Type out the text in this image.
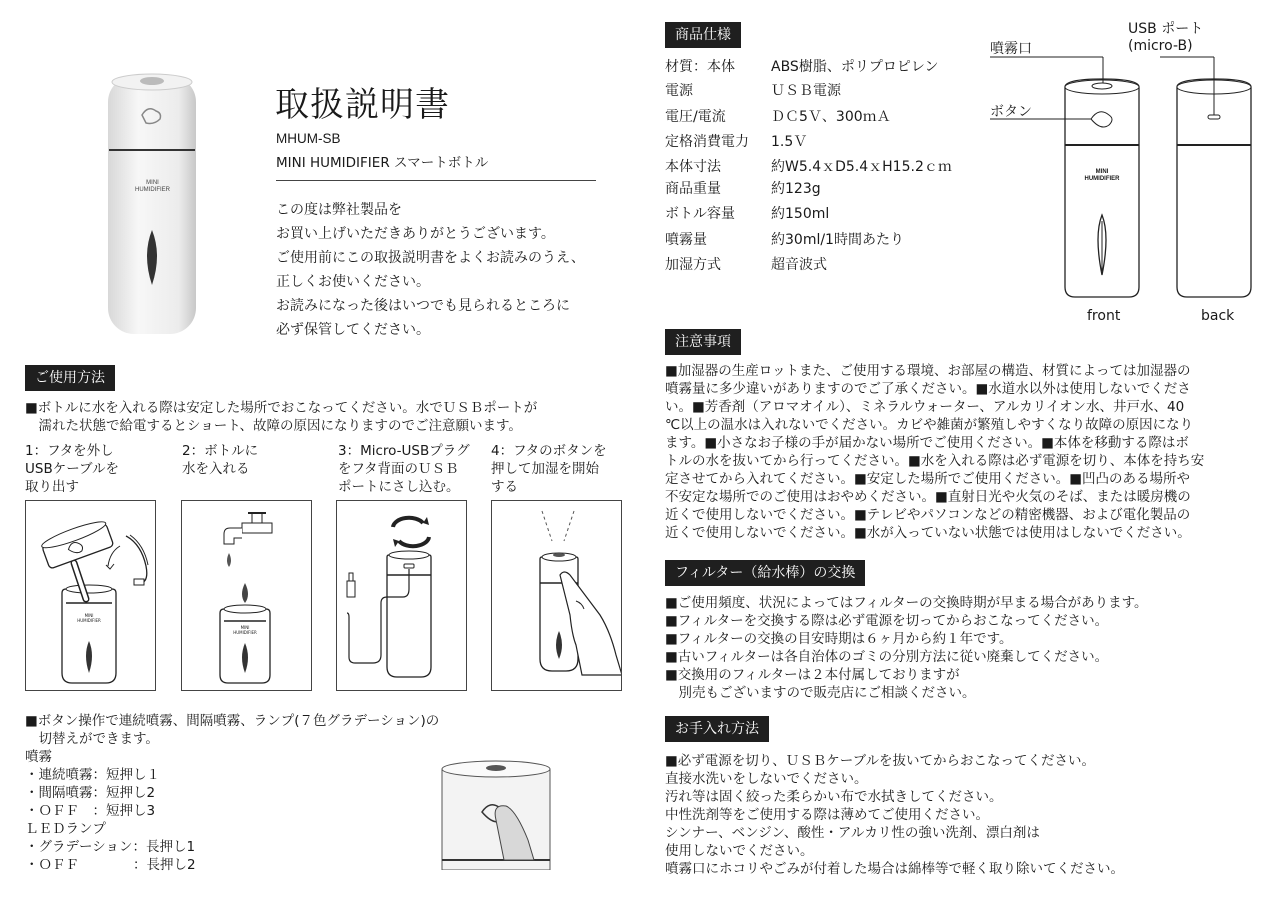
MINI
HUMIDIFIER
取扱説明書
MHUM-SB
MINI HUMIDIFIER スマートボトル
この度は弊社製品を
お買い上げいただきありがとうございます。
ご使用前にこの取扱説明書をよくお読みのうえ、
正しくお使いください。
お読みになった後はいつでも見られるところに
必ず保管してください。
ご使用方法
■ボトルに水を入れる際は安定した場所でおこなってください。水でＵＳＢポートが
　濡れた状態で給電するとショート、故障の原因になりますのでご注意願います。
1：フタを外し
USBケーブルを
取り出す
2：ボトルに
水を入れる
3：Micro-USBプラグ
をフタ背面のＵＳＢ
ポートにさし込む。
4：フタのボタンを
押して加湿を開始
する
MINI
HUMIDIFIER
MINI
HUMIDIFIER
■ボタン操作で連続噴霧、間隔噴霧、ランプ(７色グラデーション)の
　切替えができます。
噴霧
・連続噴霧：短押し１
・間隔噴霧：短押し2
・ＯＦＦ　：短押し3
ＬＥＤランプ
・グラデーション：長押し1
・ＯＦＦ　　　　：長押し2
商品仕様
材質：本体	ABS樹脂、ポリプロピレン
電源	ＵＳＢ電源
電圧/電流	ＤＣ5Ｖ、300ｍＡ
定格消費電力 1.5Ｖ
本体寸法	約W5.4ｘD5.4ｘH15.2ｃｍ
商品重量	約123g
ボトル容量	約150ml
噴霧量	約30ml/1時間あたり
加湿方式	超音波式
噴霧口
ボタン
USB ポート
(micro-B)
MINI
HUMIDIFIER
front	back
注意事項
■加湿器の生産ロットまた、ご使用する環境、お部屋の構造、材質によっては加湿器の
噴霧量に多少違いがありますのでご了承ください。■水道水以外は使用しないでくださ
い。■芳香剤（アロマオイル）、ミネラルウォーター、アルカリイオン水、井戸水、40
℃以上の温水は入れないでください。カビや雑菌が繁殖しやすくなり故障の原因になり
ます。■小さなお子様の手が届かない場所でご使用ください。■本体を移動する際はボ
トルの水を抜いてから行ってください。■水を入れる際は必ず電源を切り、本体を持ち安
定させてから入れてください。■安定した場所でご使用ください。■凹凸のある場所や
不安定な場所でのご使用はおやめください。■直射日光や火気のそば、または暖房機の
近くで使用しないでください。■テレビやパソコンなどの精密機器、および電化製品の
近くで使用しないでください。■水が入っていない状態では使用はしないでください。
フィルター（給水棒）の交換
■ご使用頻度、状況によってはフィルターの交換時期が早まる場合があります。
■フィルターを交換する際は必ず電源を切ってからおこなってください。
■フィルターの交換の目安時期は６ヶ月から約１年です。
■古いフィルターは各自治体のゴミの分別方法に従い廃棄してください。
■交換用のフィルターは２本付属しておりますが
　別売もございますので販売店にご相談ください。
お手入れ方法
■必ず電源を切り、ＵＳＢケーブルを抜いてからおこなってください。
直接水洗いをしないでください。
汚れ等は固く絞った柔らかい布で水拭きしてください。
中性洗剤等をご使用する際は薄めてご使用ください。
シンナー、ベンジン、酸性・アルカリ性の強い洗剤、漂白剤は
使用しないでください。
噴霧口にホコリやごみが付着した場合は綿棒等で軽く取り除いてください。
